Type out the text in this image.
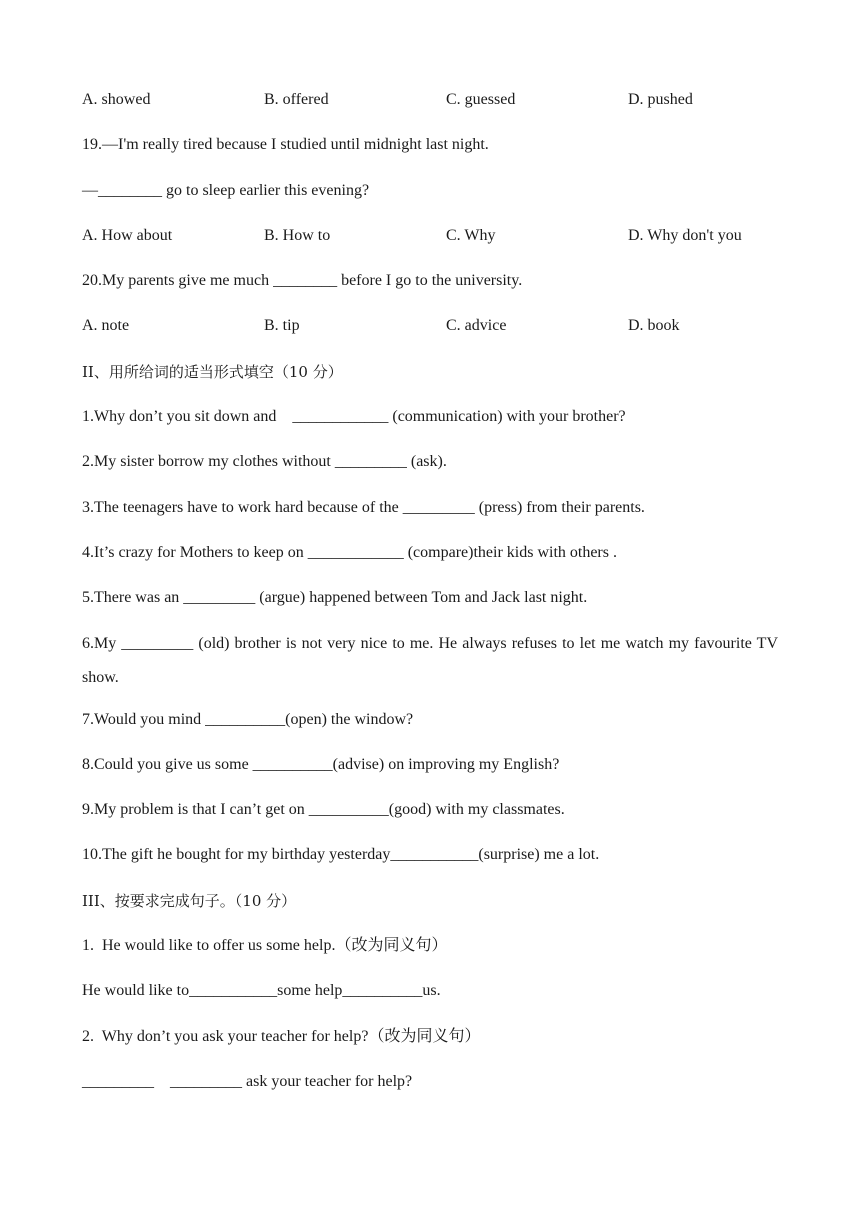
A. showed	B. offered	C. guessed	D. pushed
19.—I'm really tired because I studied until midnight last night.
—________ go to sleep earlier this evening?
A. How about	B. How to	C. Why	D. Why don't you
20.My parents give me much ________ before I go to the university.
A. note	B. tip	C. advice	D. book
II、用所给词的适当形式填空（10 分）
1.Why don’t you sit down and    ____________ (communication) with your brother?
2.My sister borrow my clothes without _________ (ask).
3.The teenagers have to work hard because of the _________ (press) from their parents.
4.It’s crazy for Mothers to keep on ____________ (compare)their kids with others .
5.There was an _________ (argue) happened between Tom and Jack last night.
6.My _________ (old) brother is not very nice to me. He always refuses to let me watch my favourite TV show.
7.Would you mind __________(open) the window?
8.Could you give us some __________(advise) on improving my English?
9.My problem is that I can’t get on __________(good) with my classmates.
10.The gift he bought for my birthday yesterday___________(surprise) me a lot.
III、按要求完成句子。（10 分）
1.  He would like to offer us some help.（改为同义句）
He would like to___________some help__________us.
2.  Why don’t you ask your teacher for help?（改为同义句）
_________    _________ ask your teacher for help?
